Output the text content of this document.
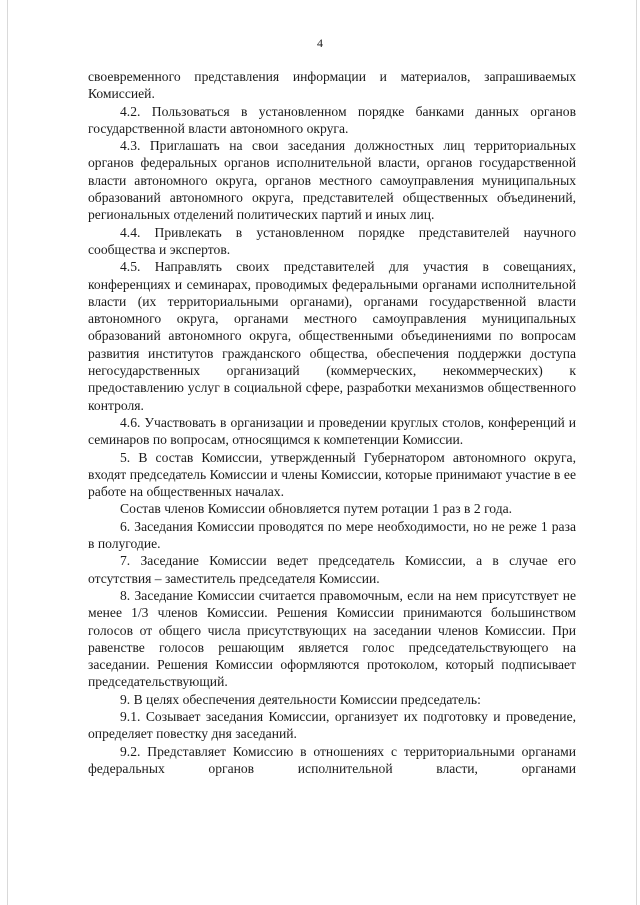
4

своевременного представления информации и материалов, запрашиваемых Комиссией.

4.2. Пользоваться в установленном порядке банками данных органов государственной власти автономного округа.

4.3. Приглашать на свои заседания должностных лиц территориальных органов федеральных органов исполнительной власти, органов государственной власти автономного округа, органов местного самоуправления муниципальных образований автономного округа, представителей общественных объединений, региональных отделений политических партий и иных лиц.

4.4. Привлекать в установленном порядке представителей научного сообщества и экспертов.

4.5. Направлять своих представителей для участия в совещаниях, конференциях и семинарах, проводимых федеральными органами исполнительной власти (их территориальными органами), органами государственной власти автономного округа, органами местного самоуправления муниципальных образований автономного округа, общественными объединениями по вопросам развития институтов гражданского общества, обеспечения поддержки доступа негосударственных организаций (коммерческих, некоммерческих) к предоставлению услуг в социальной сфере, разработки механизмов общественного контроля.

4.6. Участвовать в организации и проведении круглых столов, конференций и семинаров по вопросам, относящимся к компетенции Комиссии.

5. В состав Комиссии, утвержденный Губернатором автономного округа, входят председатель Комиссии и члены Комиссии, которые принимают участие в ее работе на общественных началах.

Состав членов Комиссии обновляется путем ротации 1 раз в 2 года.

6. Заседания Комиссии проводятся по мере необходимости, но не реже 1 раза в полугодие.

7. Заседание Комиссии ведет председатель Комиссии, а в случае его отсутствия – заместитель председателя Комиссии.

8. Заседание Комиссии считается правомочным, если на нем присутствует не менее 1/3 членов Комиссии. Решения Комиссии принимаются большинством голосов от общего числа присутствующих на заседании членов Комиссии. При равенстве голосов решающим является голос председательствующего на заседании. Решения Комиссии оформляются протоколом, который подписывает председательствующий.

9. В целях обеспечения деятельности Комиссии председатель:

9.1. Созывает заседания Комиссии, организует их подготовку и проведение, определяет повестку дня заседаний.

9.2. Представляет Комиссию в отношениях с территориальными органами федеральных органов исполнительной власти, органами
